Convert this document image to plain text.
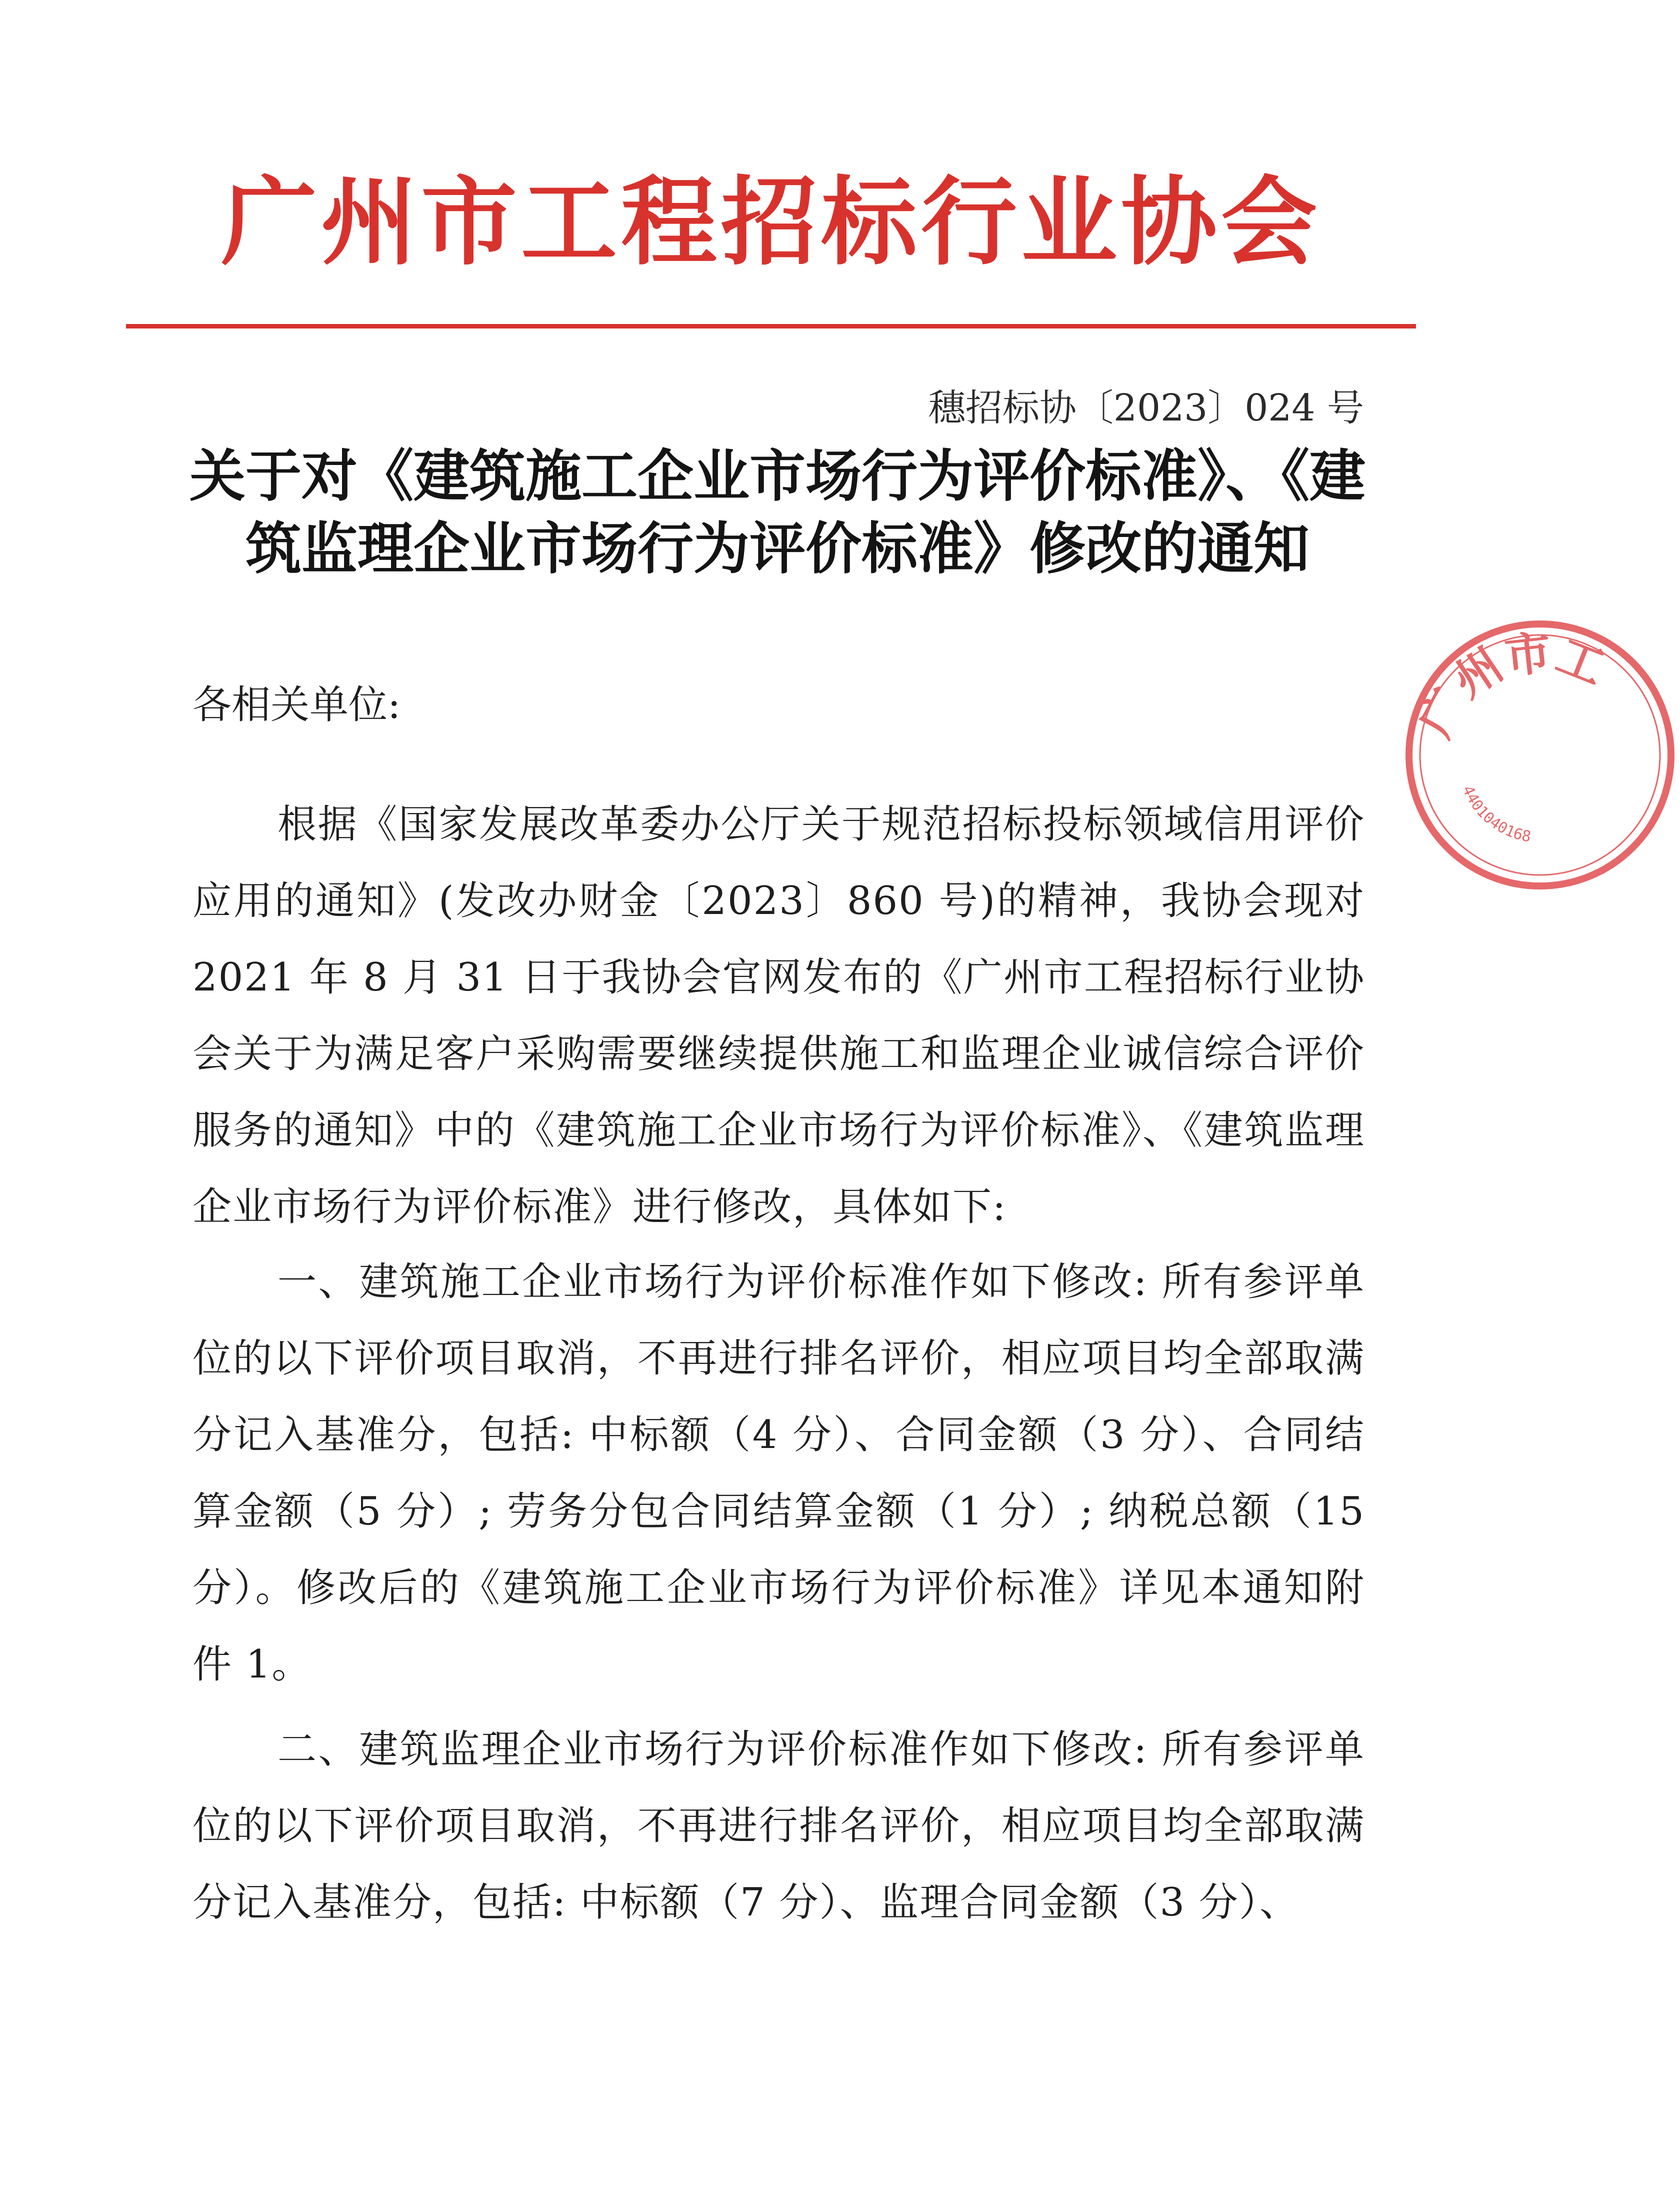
广州市工程招标行业协会
穗招标协〔2023〕024 号
关于对《建筑施工企业市场行为评价标准》、《建筑监理企业市场行为评价标准》修改的通知
各相关单位:

根据《国家发展改革委办公厅关于规范招标投标领域信用评价应用的通知》(发改办财金〔2023〕860 号)的精神，我协会现对 2021 年 8 月 31 日于我协会官网发布的《广州市工程招标行业协会关于为满足客户采购需要继续提供施工和监理企业诚信综合评价服务的通知》中的《建筑施工企业市场行为评价标准》、《建筑监理企业市场行为评价标准》进行修改，具体如下:

一、建筑施工企业市场行为评价标准作如下修改: 所有参评单位的以下评价项目取消，不再进行排名评价，相应项目均全部取满分记入基准分，包括: 中标额（4 分）、合同金额（3 分）、合同结算金额（5 分）; 劳务分包合同结算金额（1 分）; 纳税总额（15 分）。修改后的《建筑施工企业市场行为评价标准》详见本通知附件 1。

二、建筑监理企业市场行为评价标准作如下修改: 所有参评单位的以下评价项目取消，不再进行排名评价，相应项目均全部取满分记入基准分，包括: 中标额（7 分）、监理合同金额（3 分）、

广州市工
4401040168
